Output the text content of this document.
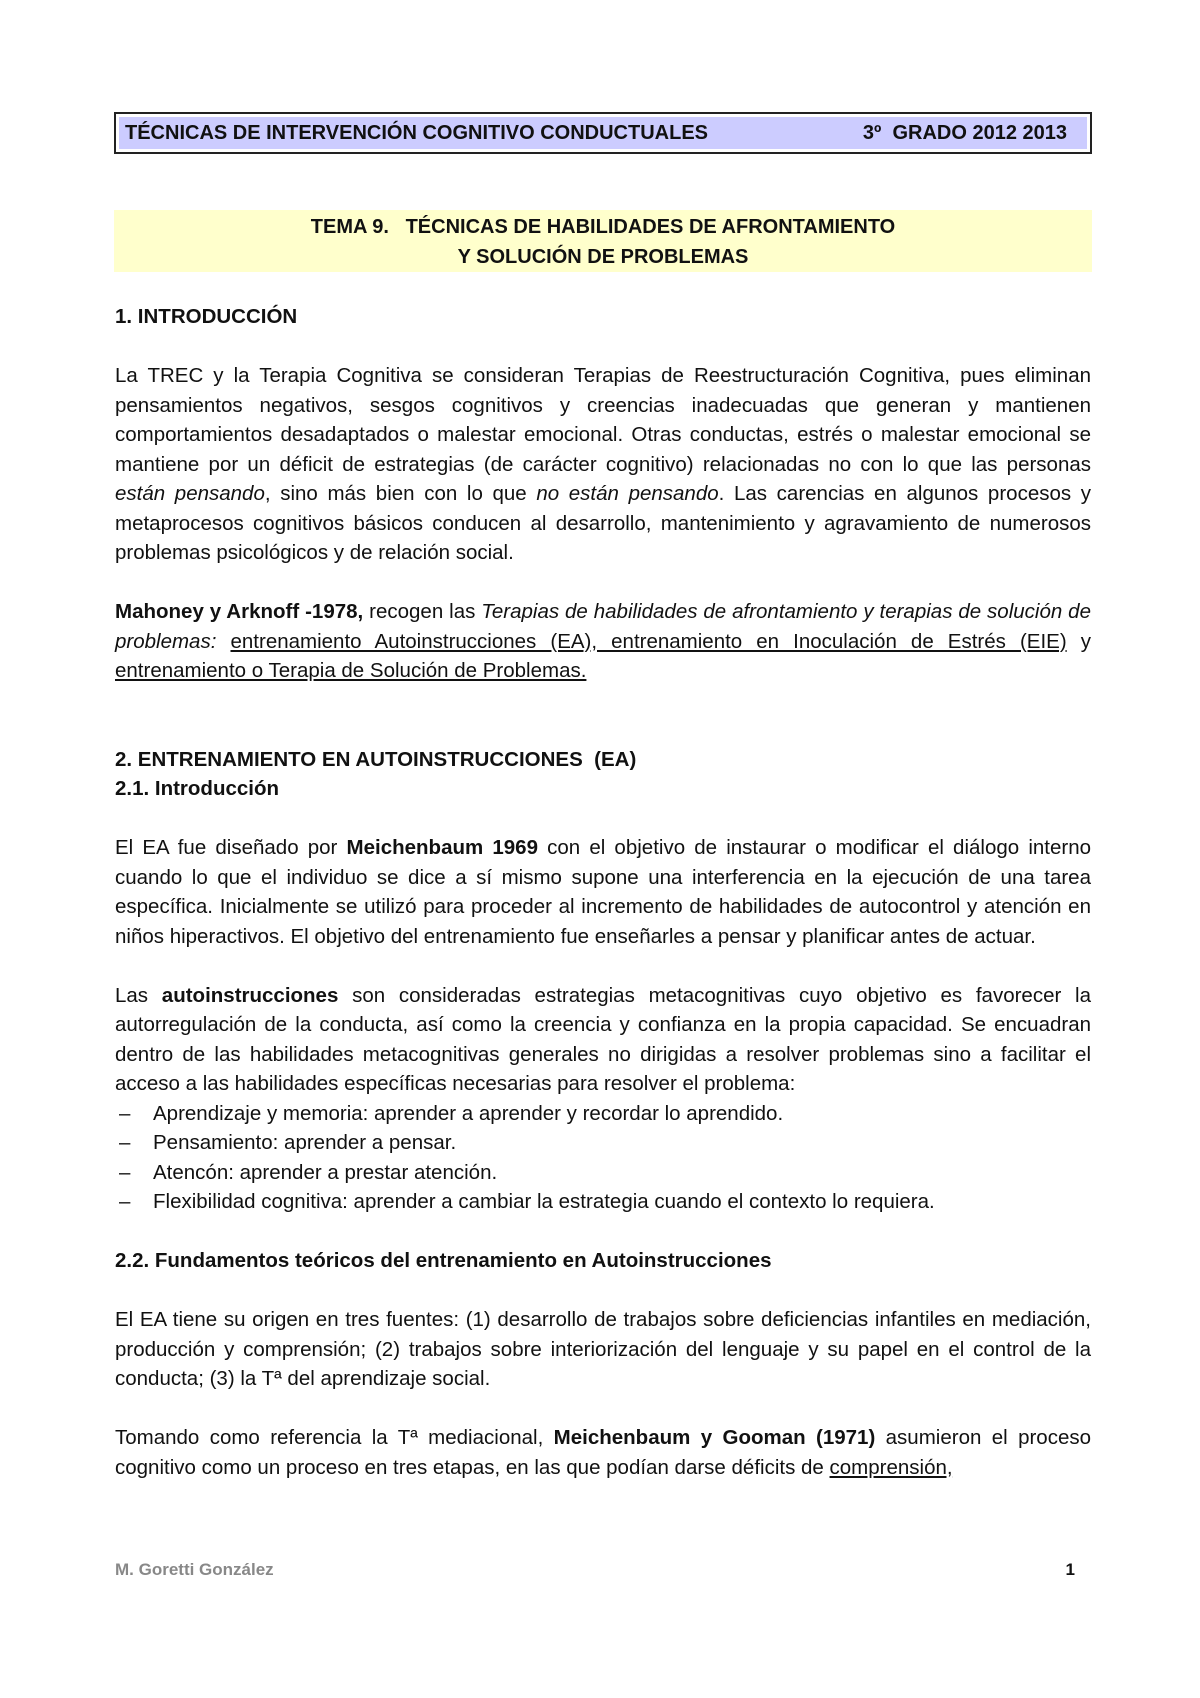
TÉCNICAS DE INTERVENCIÓN COGNITIVO CONDUCTUALES	3º  GRADO 2012 2013
TEMA 9.   TÉCNICAS DE HABILIDADES DE AFRONTAMIENTO
Y SOLUCIÓN DE PROBLEMAS
1. INTRODUCCIÓN

La TREC y la Terapia Cognitiva se consideran Terapias de Reestructuración Cognitiva, pues eliminan pensamientos negativos, sesgos cognitivos y creencias inadecuadas que generan y mantienen comportamientos desadaptados o malestar emocional. Otras conductas, estrés o malestar emocional se mantiene por un déficit de estrategias (de carácter cognitivo) relacionadas no con lo que las personas están pensando, sino más bien con lo que no están pensando. Las carencias en algunos procesos y metaprocesos cognitivos básicos conducen al desarrollo, mantenimiento y agravamiento de numerosos problemas psicológicos y de relación social.

Mahoney y Arknoff -1978, recogen las Terapias de habilidades de afrontamiento y terapias de solución de problemas: entrenamiento Autoinstrucciones (EA), entrenamiento en Inoculación de Estrés (EIE) y entrenamiento o Terapia de Solución de Problemas.

2. ENTRENAMIENTO EN AUTOINSTRUCCIONES  (EA)
2.1. Introducción

El EA fue diseñado por Meichenbaum 1969 con el objetivo de instaurar o modificar el diálogo interno cuando lo que el individuo se dice a sí mismo supone una interferencia en la ejecución de una tarea específica. Inicialmente se utilizó para proceder al incremento de habilidades de autocontrol y atención en niños hiperactivos. El objetivo del entrenamiento fue enseñarles a pensar y planificar antes de actuar.

Las autoinstrucciones son consideradas estrategias metacognitivas cuyo objetivo es favorecer la autorregulación de la conducta, así como la creencia y confianza en la propia capacidad. Se encuadran dentro de las habilidades metacognitivas generales no dirigidas a resolver problemas sino a facilitar el acceso a las habilidades específicas necesarias para resolver el problema:

– Aprendizaje y memoria: aprender a aprender y recordar lo aprendido.
– Pensamiento: aprender a pensar.
– Atencón: aprender a prestar atención.
– Flexibilidad cognitiva: aprender a cambiar la estrategia cuando el contexto lo requiera.
2.2. Fundamentos teóricos del entrenamiento en Autoinstrucciones

El EA tiene su origen en tres fuentes: (1) desarrollo de trabajos sobre deficiencias infantiles en mediación, producción y comprensión; (2) trabajos sobre interiorización del lenguaje y su papel en el control de la conducta; (3) la Tª del aprendizaje social.

Tomando como referencia la Tª mediacional, Meichenbaum y Gooman (1971) asumieron el proceso cognitivo como un proceso en tres etapas, en las que podían darse déficits de comprensión,

M. Goretti González	1
